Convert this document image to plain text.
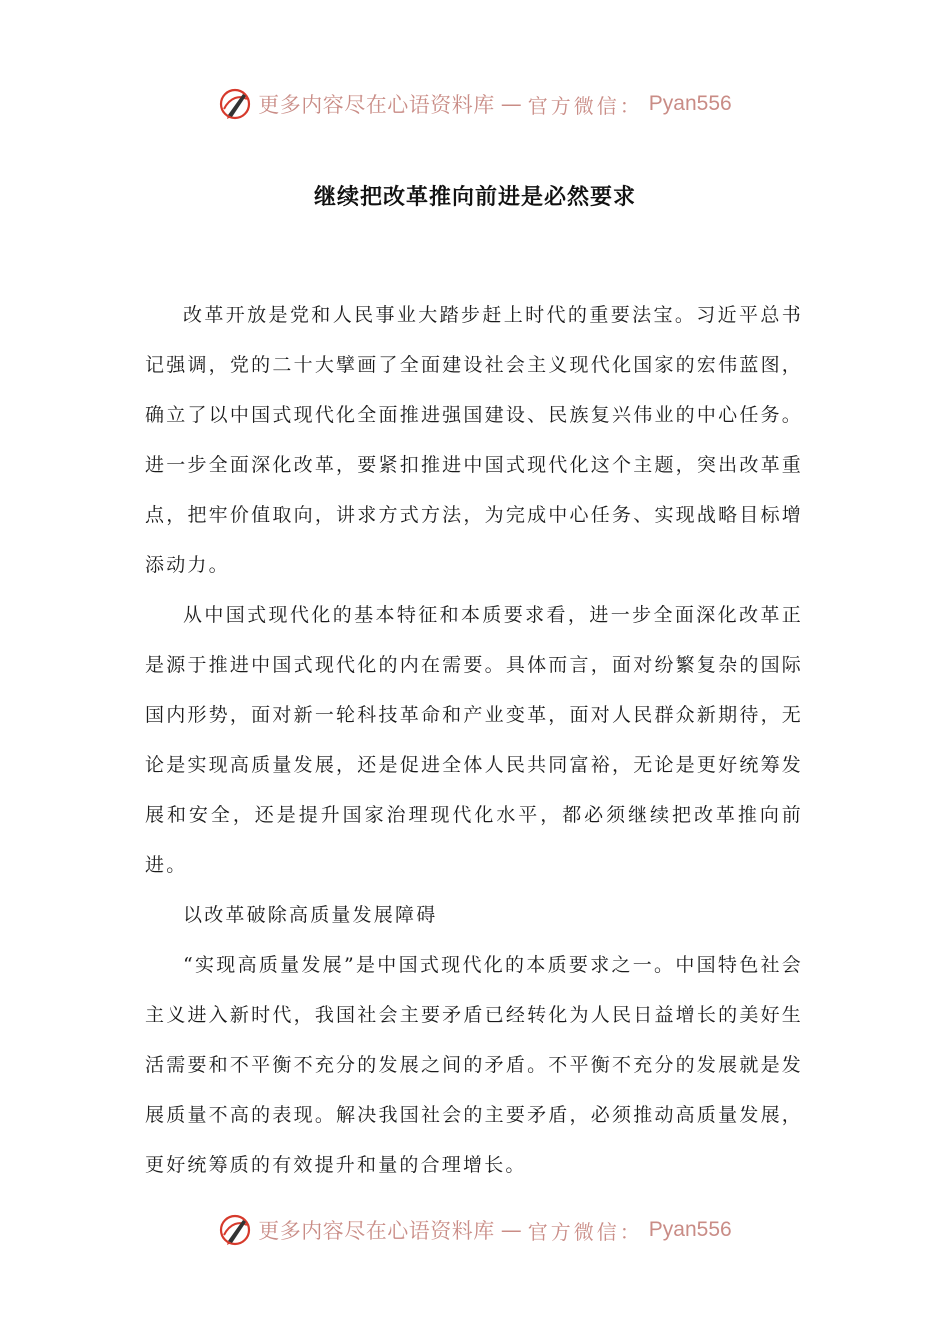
更多内容尽在心语资料库 — 官方微信： Pyan556
继续把改革推向前进是必然要求

改革开放是党和人民事业大踏步赶上时代的重要法宝。习近平总书记强调，党的二十大擘画了全面建设社会主义现代化国家的宏伟蓝图，确立了以中国式现代化全面推进强国建设、民族复兴伟业的中心任务。进一步全面深化改革，要紧扣推进中国式现代化这个主题，突出改革重点，把牢价值取向，讲求方式方法，为完成中心任务、实现战略目标增添动力。

从中国式现代化的基本特征和本质要求看，进一步全面深化改革正是源于推进中国式现代化的内在需要。具体而言，面对纷繁复杂的国际国内形势，面对新一轮科技革命和产业变革，面对人民群众新期待，无论是实现高质量发展，还是促进全体人民共同富裕，无论是更好统筹发展和安全，还是提升国家治理现代化水平，都必须继续把改革推向前进。

以改革破除高质量发展障碍

“实现高质量发展”是中国式现代化的本质要求之一。中国特色社会主义进入新时代，我国社会主要矛盾已经转化为人民日益增长的美好生活需要和不平衡不充分的发展之间的矛盾。不平衡不充分的发展就是发展质量不高的表现。解决我国社会的主要矛盾，必须推动高质量发展，更好统筹质的有效提升和量的合理增长。

更多内容尽在心语资料库 — 官方微信： Pyan556
